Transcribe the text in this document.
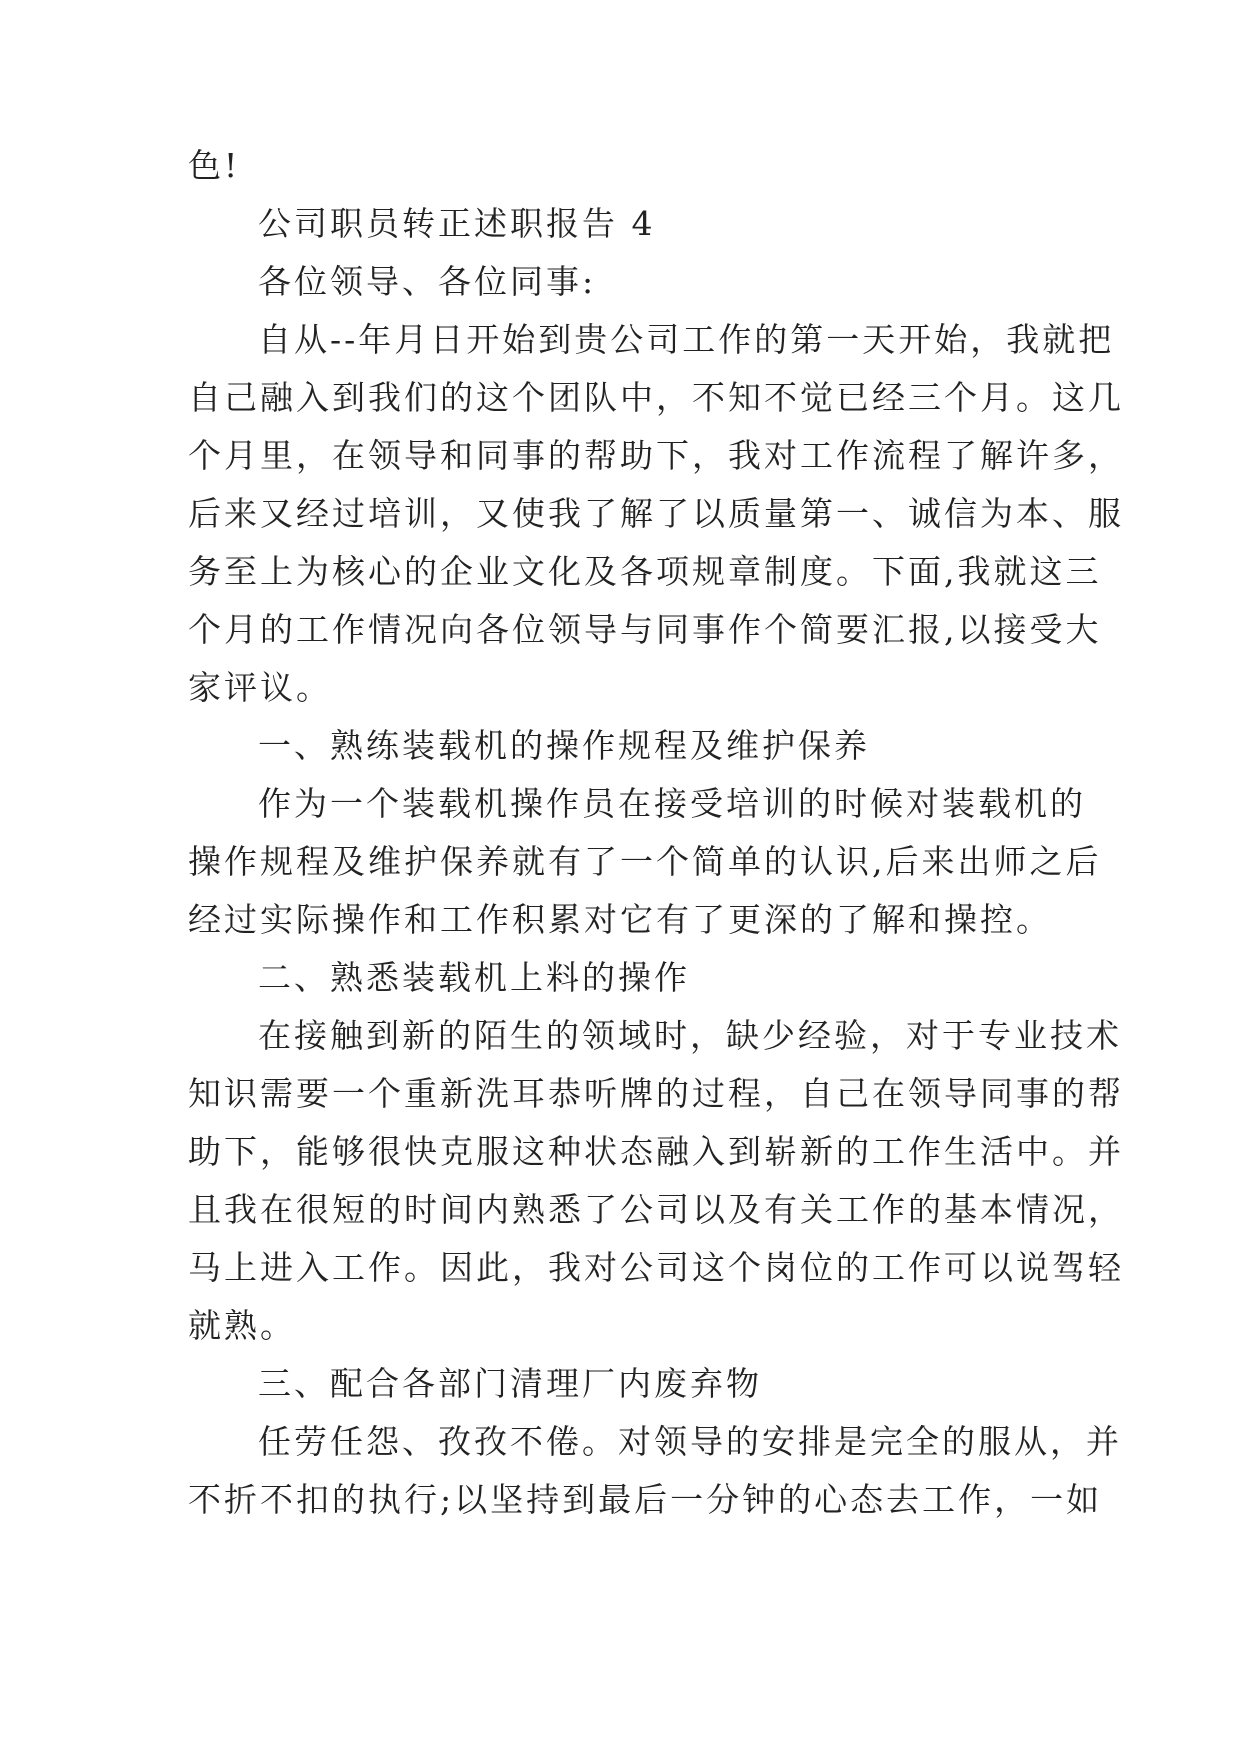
色!
公司职员转正述职报告 4
各位领导、各位同事:
自从--年月日开始到贵公司工作的第一天开始，我就把
自己融入到我们的这个团队中，不知不觉已经三个月。这几
个月里，在领导和同事的帮助下，我对工作流程了解许多，
后来又经过培训，又使我了解了以质量第一、诚信为本、服
务至上为核心的企业文化及各项规章制度。下面,我就这三
个月的工作情况向各位领导与同事作个简要汇报,以接受大
家评议。
一、熟练装载机的操作规程及维护保养
作为一个装载机操作员在接受培训的时候对装载机的
操作规程及维护保养就有了一个简单的认识,后来出师之后
经过实际操作和工作积累对它有了更深的了解和操控。
二、熟悉装载机上料的操作
在接触到新的陌生的领域时，缺少经验，对于专业技术
知识需要一个重新洗耳恭听牌的过程，自己在领导同事的帮
助下，能够很快克服这种状态融入到崭新的工作生活中。并
且我在很短的时间内熟悉了公司以及有关工作的基本情况，
马上进入工作。因此，我对公司这个岗位的工作可以说驾轻
就熟。
三、配合各部门清理厂内废弃物
任劳任怨、孜孜不倦。对领导的安排是完全的服从，并
不折不扣的执行;以坚持到最后一分钟的心态去工作，一如
